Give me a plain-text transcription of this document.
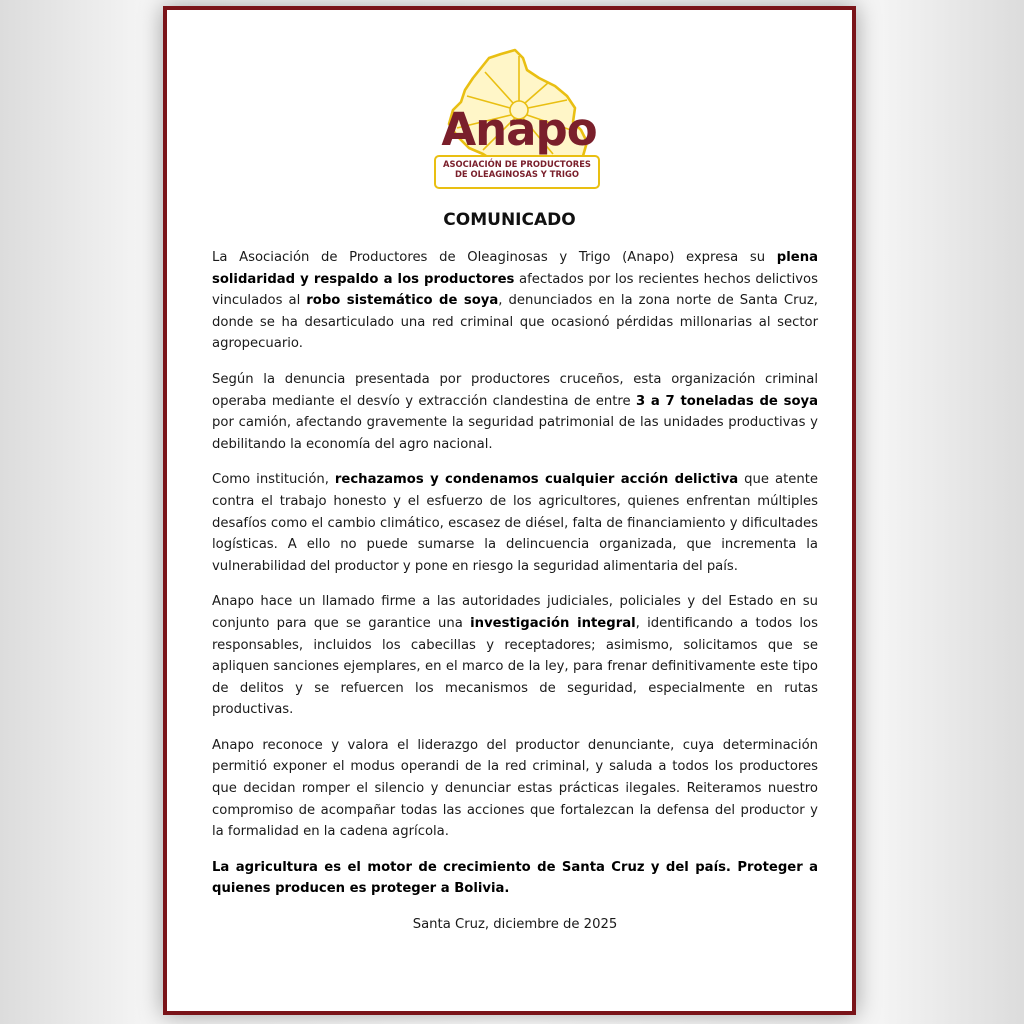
Anapo
ASOCIACIÓN DE PRODUCTORES
DE OLEAGINOSAS Y TRIGO
COMUNICADO

La Asociación de Productores de Oleaginosas y Trigo (Anapo) expresa su plena solidaridad y respaldo a los productores afectados por los recientes hechos delictivos vinculados al robo sistemático de soya, denunciados en la zona norte de Santa Cruz, donde se ha desarticulado una red criminal que ocasionó pérdidas millonarias al sector agropecuario.

Según la denuncia presentada por productores cruceños, esta organización criminal operaba mediante el desvío y extracción clandestina de entre 3 a 7 toneladas de soya por camión, afectando gravemente la seguridad patrimonial de las unidades productivas y debilitando la economía del agro nacional.

Como institución, rechazamos y condenamos cualquier acción delictiva que atente contra el trabajo honesto y el esfuerzo de los agricultores, quienes enfrentan múltiples desafíos como el cambio climático, escasez de diésel, falta de financiamiento y dificultades logísticas. A ello no puede sumarse la delincuencia organizada, que incrementa la vulnerabilidad del productor y pone en riesgo la seguridad alimentaria del país.

Anapo hace un llamado firme a las autoridades judiciales, policiales y del Estado en su conjunto para que se garantice una investigación integral, identificando a todos los responsables, incluidos los cabecillas y receptadores; asimismo, solicitamos que se apliquen sanciones ejemplares, en el marco de la ley, para frenar definitivamente este tipo de delitos y se refuercen los mecanismos de seguridad, especialmente en rutas productivas.

Anapo reconoce y valora el liderazgo del productor denunciante, cuya determinación permitió exponer el modus operandi de la red criminal, y saluda a todos los productores que decidan romper el silencio y denunciar estas prácticas ilegales. Reiteramos nuestro compromiso de acompañar todas las acciones que fortalezcan la defensa del productor y la formalidad en la cadena agrícola.

La agricultura es el motor de crecimiento de Santa Cruz y del país. Proteger a quienes producen es proteger a Bolivia.

Santa Cruz, diciembre de 2025
